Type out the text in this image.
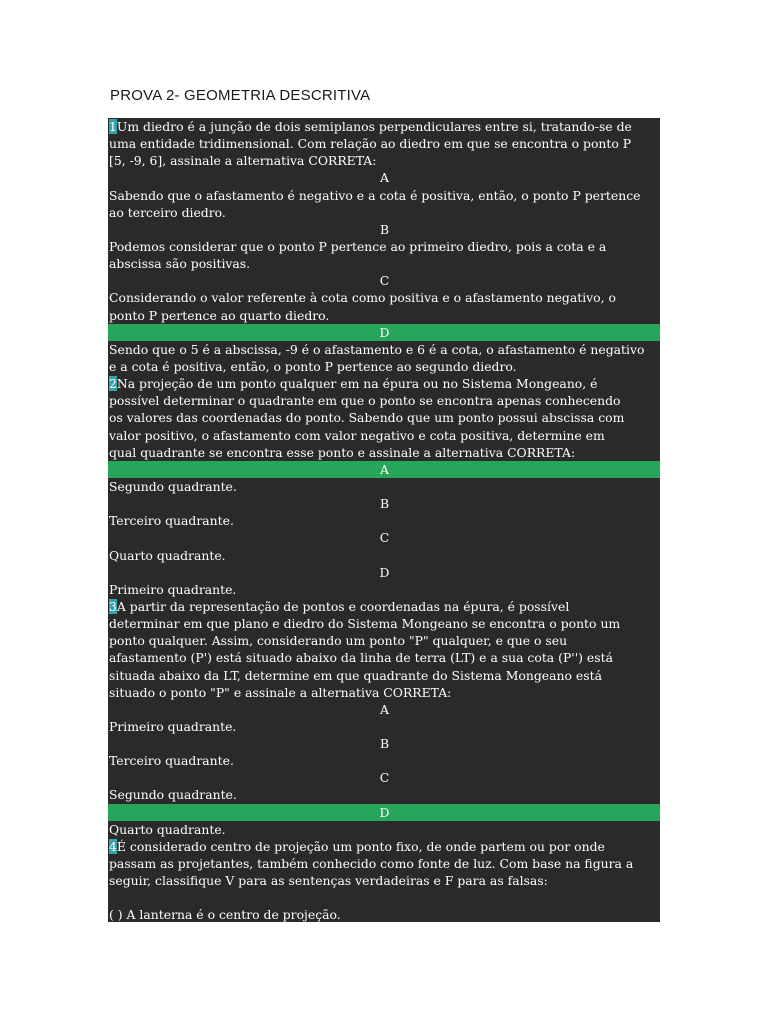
PROVA 2- GEOMETRIA DESCRITIVA
1Um diedro é a junção de dois semiplanos perpendiculares entre si, tratando-se de
uma entidade tridimensional. Com relação ao diedro em que se encontra o ponto P
[5, -9, 6], assinale a alternativa CORRETA:
A
Sabendo que o afastamento é negativo e a cota é positiva, então, o ponto P pertence
ao terceiro diedro.
B
Podemos considerar que o ponto P pertence ao primeiro diedro, pois a cota e a
abscissa são positivas.
C
Considerando o valor referente à cota como positiva e o afastamento negativo, o
ponto P pertence ao quarto diedro.
D
Sendo que o 5 é a abscissa, -9 é o afastamento e 6 é a cota, o afastamento é negativo
e a cota é positiva, então, o ponto P pertence ao segundo diedro.
2Na projeção de um ponto qualquer em na épura ou no Sistema Mongeano, é
possível determinar o quadrante em que o ponto se encontra apenas conhecendo
os valores das coordenadas do ponto. Sabendo que um ponto possui abscissa com
valor positivo, o afastamento com valor negativo e cota positiva, determine em
qual quadrante se encontra esse ponto e assinale a alternativa CORRETA:
A
Segundo quadrante.
B
Terceiro quadrante.
C
Quarto quadrante.
D
Primeiro quadrante.
3A partir da representação de pontos e coordenadas na épura, é possível
determinar em que plano e diedro do Sistema Mongeano se encontra o ponto um
ponto qualquer. Assim, considerando um ponto "P" qualquer, e que o seu
afastamento (P') está situado abaixo da linha de terra (LT) e a sua cota (P'') está
situada abaixo da LT, determine em que quadrante do Sistema Mongeano está
situado o ponto "P" e assinale a alternativa CORRETA:
A
Primeiro quadrante.
B
Terceiro quadrante.
C
Segundo quadrante.
D
Quarto quadrante.
4É considerado centro de projeção um ponto fixo, de onde partem ou por onde
passam as projetantes, também conhecido como fonte de luz. Com base na figura a
seguir, classifique V para as sentenças verdadeiras e F para as falsas:
( ) A lanterna é o centro de projeção.
